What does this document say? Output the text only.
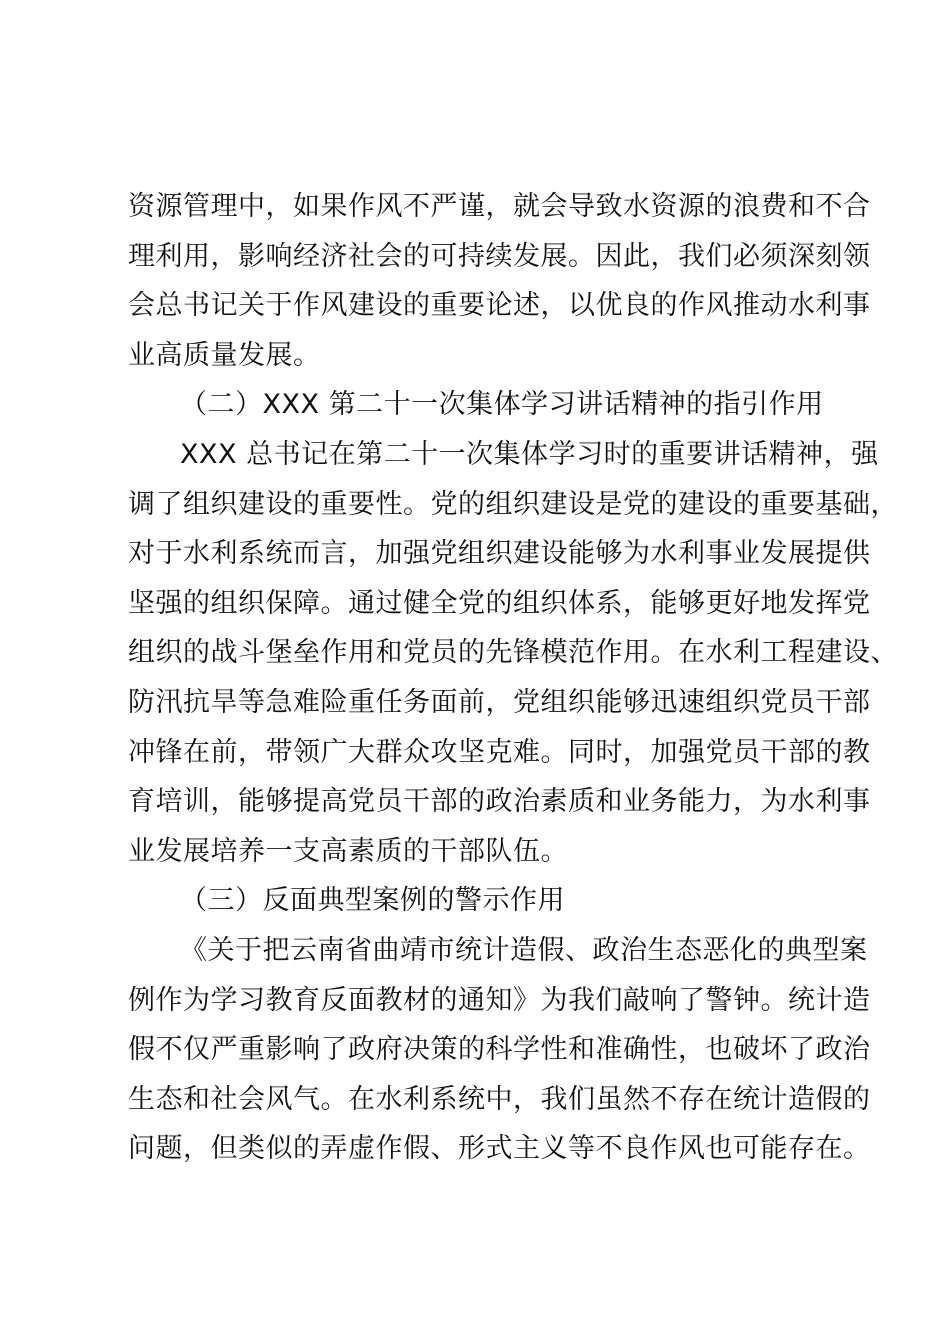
资源管理中，如果作风不严谨，就会导致水资源的浪费和不合
理利用，影响经济社会的可持续发展。因此，我们必须深刻领
会总书记关于作风建设的重要论述，以优良的作风推动水利事
业高质量发展。
（二）XXX 第二十一次集体学习讲话精神的指引作用
XXX 总书记在第二十一次集体学习时的重要讲话精神，强
调了组织建设的重要性。党的组织建设是党的建设的重要基础，
对于水利系统而言，加强党组织建设能够为水利事业发展提供
坚强的组织保障。通过健全党的组织体系，能够更好地发挥党
组织的战斗堡垒作用和党员的先锋模范作用。在水利工程建设、
防汛抗旱等急难险重任务面前，党组织能够迅速组织党员干部
冲锋在前，带领广大群众攻坚克难。同时，加强党员干部的教
育培训，能够提高党员干部的政治素质和业务能力，为水利事
业发展培养一支高素质的干部队伍。
（三）反面典型案例的警示作用
《关于把云南省曲靖市统计造假、政治生态恶化的典型案
例作为学习教育反面教材的通知》为我们敲响了警钟。统计造
假不仅严重影响了政府决策的科学性和准确性，也破坏了政治
生态和社会风气。在水利系统中，我们虽然不存在统计造假的
问题，但类似的弄虚作假、形式主义等不良作风也可能存在。
